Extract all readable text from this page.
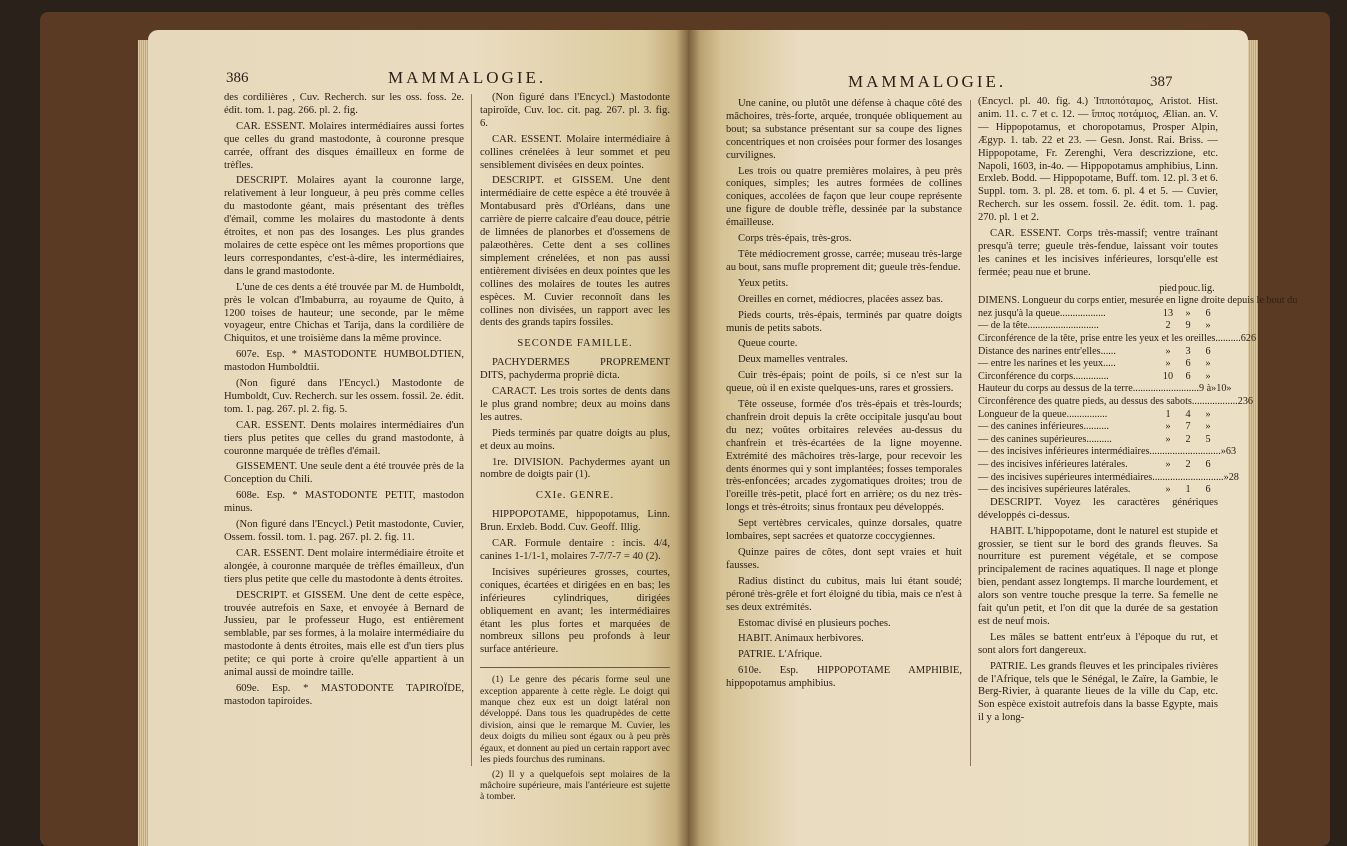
386	MAMMALOGIE.

des cordilières , Cuv. Recherch. sur les oss. foss. 2e. édit. tom. 1. pag. 266. pl. 2. fig.

CAR. ESSENT. Molaires intermédiaires aussi fortes que celles du grand mastodonte, à couronne presque carrée, offrant des disques émailleux en forme de trèfles.

DESCRIPT. Molaires ayant la couronne large, relativement à leur longueur, à peu près comme celles du mastodonte géant, mais présentant des trèfles d'émail, comme les molaires du mastodonte à dents étroites, et non pas des losanges. Les plus grandes molaires de cette espèce ont les mêmes proportions que leurs correspondantes, c'est-à-dire, les intermédiaires, dans le grand mastodonte.

L'une de ces dents a été trouvée par M. de Humboldt, près le volcan d'Imbaburra, au royaume de Quito, à 1200 toises de hauteur; une seconde, par le même voyageur, entre Chichas et Tarija, dans la cordilière de Chiquitos, et une troisième dans la même province.

607e. Esp. * MASTODONTE HUMBOLDTIEN, mastodon Humboldtii.

(Non figuré dans l'Encycl.) Mastodonte de Humboldt, Cuv. Recherch. sur les ossem. fossil. 2e. édit. tom. 1. pag. 267. pl. 2. fig. 5.

CAR. ESSENT. Dents molaires intermédiaires d'un tiers plus petites que celles du grand mastodonte, à couronne marquée de trèfles d'émail.

GISSEMENT. Une seule dent a été trouvée près de la Conception du Chili.

608e. Esp. * MASTODONTE PETIT, mastodon minus.

(Non figuré dans l'Encycl.) Petit mastodonte, Cuvier, Ossem. fossil. tom. 1. pag. 267. pl. 2. fig. 11.

CAR. ESSENT. Dent molaire intermédiaire étroite et alongée, à couronne marquée de trèfles émailleux, d'un tiers plus petite que celle du mastodonte à dents étroites.

DESCRIPT. et GISSEM. Une dent de cette espèce, trouvée autrefois en Saxe, et envoyée à Bernard de Jussieu, par le professeur Hugo, est entièrement semblable, par ses formes, à la molaire intermédiaire du mastodonte à dents étroites, mais elle est d'un tiers plus petite; ce qui porte à croire qu'elle appartient à un animal aussi de moindre taille.

609e. Esp. * MASTODONTE TAPIROÏDE, mastodon tapiroides.

(Non figuré dans l'Encycl.) Mastodonte tapiroïde, Cuv. loc. cit. pag. 267. pl. 3. fig. 6.

CAR. ESSENT. Molaire intermédiaire à collines crénelées à leur sommet et peu sensiblement divisées en deux pointes.

DESCRIPT. et GISSEM. Une dent intermédiaire de cette espèce a été trouvée à Montabusard près d'Orléans, dans une carrière de pierre calcaire d'eau douce, pétrie de limnées de planorbes et d'ossemens de palæothères. Cette dent a ses collines simplement crénelées, et non pas aussi entièrement divisées en deux pointes que les collines des molaires de toutes les autres espèces. M. Cuvier reconnoît dans les collines non divisées, un rapport avec les dents des grands tapirs fossiles.

SECONDE FAMILLE.

PACHYDERMES PROPREMENT DITS, pachyderma propriè dicta.

CARACT. Les trois sortes de dents dans le plus grand nombre; deux au moins dans les autres.

Pieds terminés par quatre doigts au plus, et deux au moins.

1re. DIVISION. Pachydermes ayant un nombre de doigts pair (1).

CXIe. GENRE.

HIPPOPOTAME, hippopotamus, Linn. Brun. Erxleb. Bodd. Cuv. Geoff. Illig.

CAR. Formule dentaire : incis. 4/4, canines 1-1/1-1, molaires 7-7/7-7 = 40 (2).

Incisives supérieures grosses, courtes, coniques, écartées et dirigées en en bas; les inférieures cylindriques, dirigées obliquement en avant; les intermédiaires étant les plus fortes et marquées de nombreux sillons peu profonds à leur surface antérieure.

(1) Le genre des pécaris forme seul une exception apparente à cette règle. Le doigt qui manque chez eux est un doigt latéral non développé. Dans tous les quadrupèdes de cette division, ainsi que le remarque M. Cuvier, les deux doigts du milieu sont égaux ou à peu près égaux, et donnent au pied un certain rapport avec les pieds fourchus des ruminans.

(2) Il y a quelquefois sept molaires de la mâchoire supérieure, mais l'antérieure est sujette à tomber.

MAMMALOGIE.	387

Une canine, ou plutôt une défense à chaque côté des mâchoires, très-forte, arquée, tronquée obliquement au bout; sa substance présentant sur sa coupe des lignes concentriques et non croisées pour former des losanges curvilignes.

Les trois ou quatre premières molaires, à peu près coniques, simples; les autres formées de collines coniques, accolées de façon que leur coupe représente une figure de double trèfle, dessinée par la substance émailleuse.

Corps très-épais, très-gros.

Tête médiocrement grosse, carrée; museau très-large au bout, sans mufle proprement dit; gueule très-fendue.

Yeux petits.

Oreilles en cornet, médiocres, placées assez bas.

Pieds courts, très-épais, terminés par quatre doigts munis de petits sabots.

Queue courte.

Deux mamelles ventrales.

Cuir très-épais; point de poils, si ce n'est sur la queue, où il en existe quelques-uns, rares et grossiers.

Tête osseuse, formée d'os très-épais et très-lourds; chanfrein droit depuis la crête occipitale jusqu'au bout du nez; voûtes orbitaires relevées au-dessus du chanfrein et très-écartées de la ligne moyenne. Extrémité des mâchoires très-large, pour recevoir les dents énormes qui y sont implantées; fosses temporales très-enfoncées; arcades zygomatiques droites; trou de l'oreille très-petit, placé fort en arrière; os du nez très-longs et très-étroits; sinus frontaux peu développés.

Sept vertèbres cervicales, quinze dorsales, quatre lombaires, sept sacrées et quatorze coccygiennes.

Quinze paires de côtes, dont sept vraies et huit fausses.

Radius distinct du cubitus, mais lui étant soudé; péroné très-grêle et fort éloigné du tibia, mais ce n'est à ses deux extrémités.

Estomac divisé en plusieurs poches.

HABIT. Animaux herbivores.

PATRIE. L'Afrique.

610e. Esp. HIPPOPOTAME AMPHIBIE, hippopotamus amphibius.

(Encycl. pl. 40. fig. 4.) Ἱπποπόταμος, Aristot. Hist. anim. 11. c. 7 et c. 12. — ἵππος ποτάμιος, Ælian. an. V. — Hippopotamus, et choropotamus, Prosper Alpin, Ægyp. 1. tab. 22 et 23. — Gesn. Jonst. Rai. Briss. — Hippopotame, Fr. Zerenghi, Vera descrizzione, etc. Napoli, 1603, in-4o. — Hippopotamus amphibius, Linn. Erxleb. Bodd. — Hippopotame, Buff. tom. 12. pl. 3 et 6. Suppl. tom. 3. pl. 28. et tom. 6. pl. 4 et 5. — Cuvier, Recherch. sur les ossem. fossil. 2e. édit. tom. 1. pag. 270. pl. 1 et 2.

CAR. ESSENT. Corps très-massif; ventre traînant presqu'à terre; gueule très-fendue, laissant voir toutes les canines et les incisives inférieures, lorsqu'elle est fermée; peau nue et brune.

pied pouc. lig.
DIMENS. Longueur du corps entier, mesurée en ligne droite depuis le bout du
nez jusqu'à la queue..................	13	»	6
— de la tête............................	2	9	»
Circonférence de la tête, prise entre les yeux et les oreilles.......... 6 2 6
Distance des narines entr'elles......	»	3	6
— entre les narines et les yeux.....	»	6	»
Circonférence du corps..............	10	6	»
Hauteur du corps au dessus de la terre..........................9 à » 10 »
Circonférence des quatre pieds, au dessus des sabots.................. 2 3 6
Longueur de la queue................	1	4	»
— des canines inférieures..........	»	7	»
— des canines supérieures..........	»	2	5
— des incisives inférieures intermédiaires............................ » 6 3
— des incisives inférieures latérales.	»	2	6
— des incisives supérieures intermédiaires............................ » 2 8
— des incisives supérieures latérales.	»	1	6

DESCRIPT. Voyez les caractères génériques développés ci-dessus.

HABIT. L'hippopotame, dont le naturel est stupide et grossier, se tient sur le bord des grands fleuves. Sa nourriture est purement végétale, et se compose principalement de racines aquatiques. Il nage et plonge bien, pendant assez longtemps. Il marche lourdement, et alors son ventre touche presque la terre. Sa femelle ne fait qu'un petit, et l'on dit que la durée de sa gestation est de neuf mois.

Les mâles se battent entr'eux à l'époque du rut, et sont alors fort dangereux.

PATRIE. Les grands fleuves et les principales rivières de l'Afrique, tels que le Sénégal, le Zaïre, la Gambie, le Berg-Rivier, à quarante lieues de la ville du Cap, etc. Son espèce existoit autrefois dans la basse Egypte, mais il y a long-
